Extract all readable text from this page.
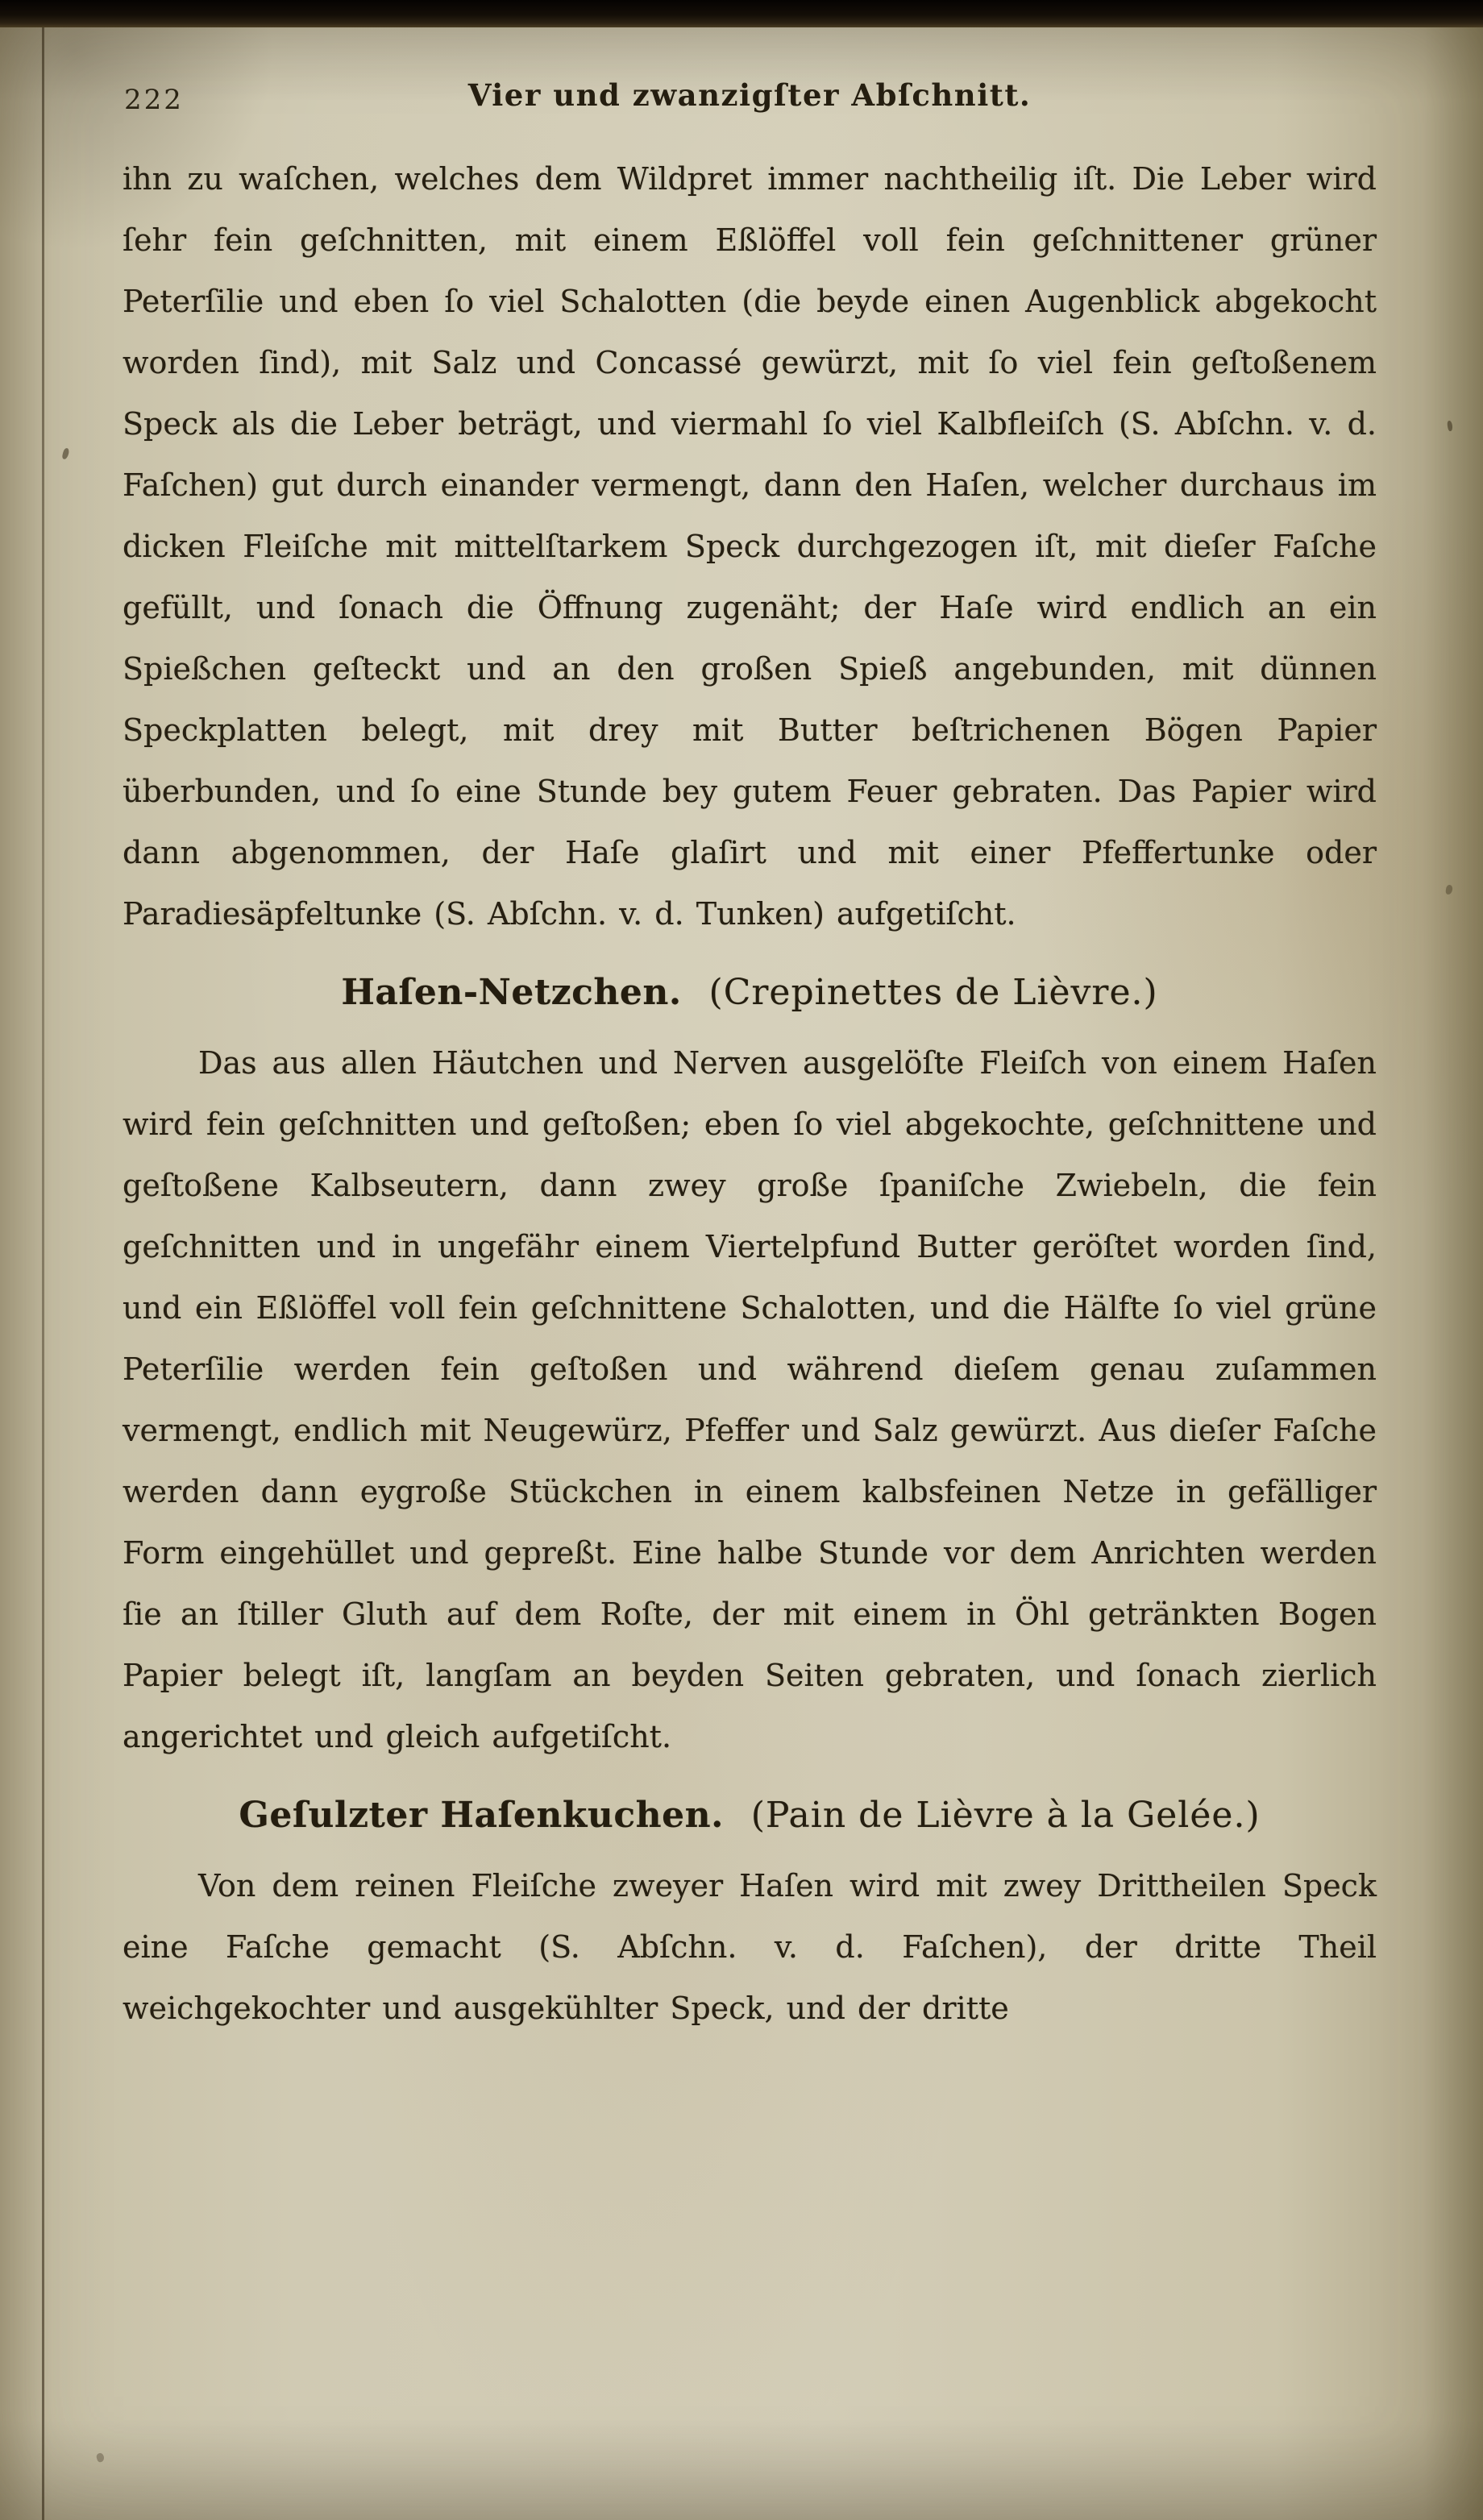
222	Vier und zwanzigſter Abſchnitt.

ihn zu waſchen, welches dem Wildpret immer nachtheilig iſt. Die Leber wird ſehr fein geſchnitten, mit einem Eßlöffel voll fein geſchnittener grüner Peterſilie und eben ſo viel Schalotten (die beyde einen Augenblick abgekocht worden ſind), mit Salz und Concassé gewürzt, mit ſo viel fein geſtoßenem Speck als die Leber beträgt, und viermahl ſo viel Kalbfleiſch (S. Abſchn. v. d. Faſchen) gut durch einander vermengt, dann den Haſen, welcher durchaus im dicken Fleiſche mit mittelſtarkem Speck durchgezogen iſt, mit dieſer Faſche gefüllt, und ſonach die Öffnung zugenäht; der Haſe wird endlich an ein Spießchen geſteckt und an den großen Spieß angebunden, mit dünnen Speckplatten belegt, mit drey mit Butter beſtrichenen Bögen Papier überbunden, und ſo eine Stunde bey gutem Feuer gebraten. Das Papier wird dann abgenommen, der Haſe glaſirt und mit einer Pfeffertunke oder Paradiesäpfeltunke (S. Abſchn. v. d. Tunken) aufgetiſcht.

Haſen-Netzchen. (Crepinettes de Lièvre.)

Das aus allen Häutchen und Nerven ausgelöſte Fleiſch von einem Haſen wird fein geſchnitten und geſtoßen; eben ſo viel abgekochte, geſchnittene und geſtoßene Kalbseutern, dann zwey große ſpaniſche Zwiebeln, die fein geſchnitten und in ungefähr einem Viertelpfund Butter geröſtet worden ſind, und ein Eßlöffel voll fein geſchnittene Schalotten, und die Hälfte ſo viel grüne Peterſilie werden fein geſtoßen und während dieſem genau zuſammen vermengt, endlich mit Neugewürz, Pfeffer und Salz gewürzt. Aus dieſer Faſche werden dann eygroße Stückchen in einem kalbsfeinen Netze in gefälliger Form eingehüllet und gepreßt. Eine halbe Stunde vor dem Anrichten werden ſie an ſtiller Gluth auf dem Roſte, der mit einem in Öhl getränkten Bogen Papier belegt iſt, langſam an beyden Seiten gebraten, und ſonach zierlich angerichtet und gleich aufgetiſcht.

Geſulzter Haſenkuchen. (Pain de Lièvre à la Gelée.)

Von dem reinen Fleiſche zweyer Haſen wird mit zwey Drittheilen Speck eine Faſche gemacht (S. Abſchn. v. d. Faſchen), der dritte Theil weichgekochter und ausgekühlter Speck, und der dritte
